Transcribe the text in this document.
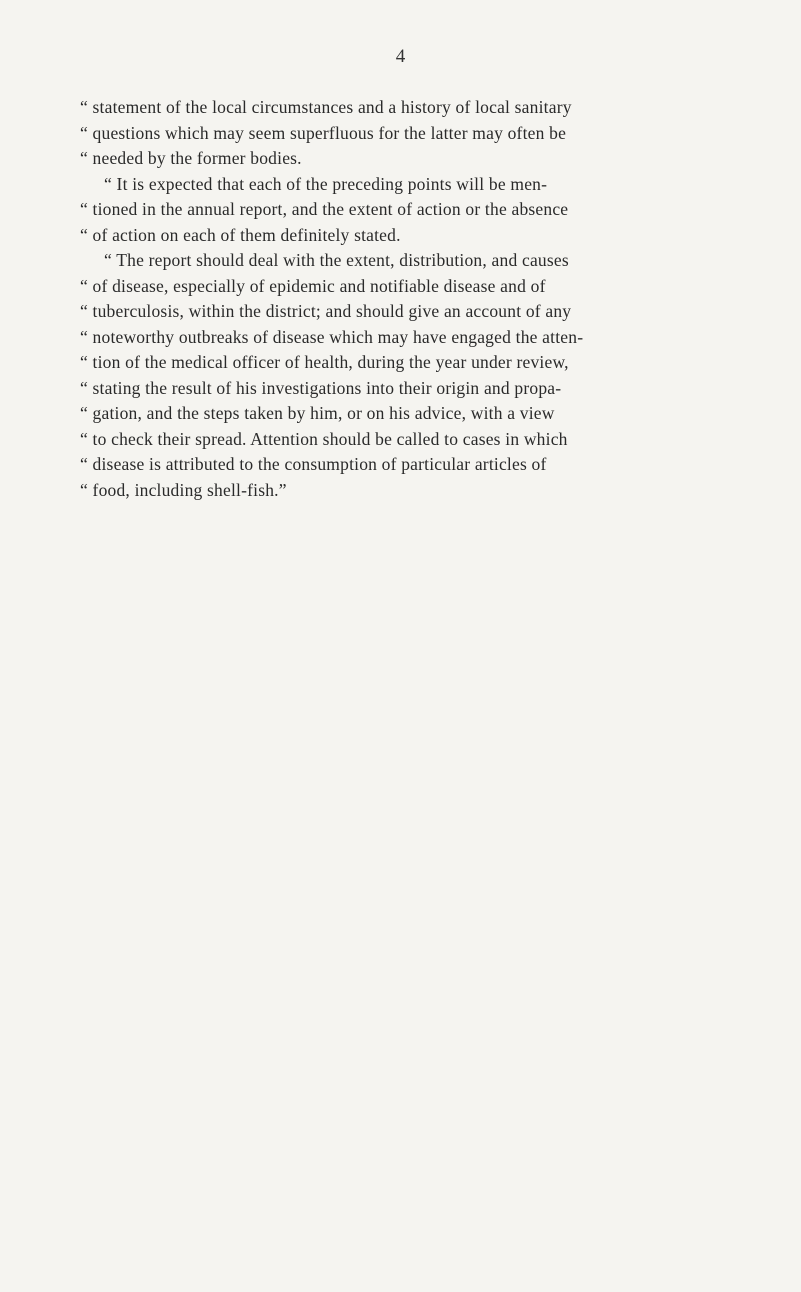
4
“ statement of the local circumstances and a history of local sanitary
“ questions which may seem superfluous for the latter may often be
“ needed by the former bodies.
“ It is expected that each of the preceding points will be men-
“ tioned in the annual report, and the extent of action or the absence
“ of action on each of them definitely stated.
“ The report should deal with the extent, distribution, and causes
“ of disease, especially of epidemic and notifiable disease and of
“ tuberculosis, within the district; and should give an account of any
“ noteworthy outbreaks of disease which may have engaged the atten-
“ tion of the medical officer of health, during the year under review,
“ stating the result of his investigations into their origin and propa-
“ gation, and the steps taken by him, or on his advice, with a view
“ to check their spread. Attention should be called to cases in which
“ disease is attributed to the consumption of particular articles of
“ food, including shell-fish.”
